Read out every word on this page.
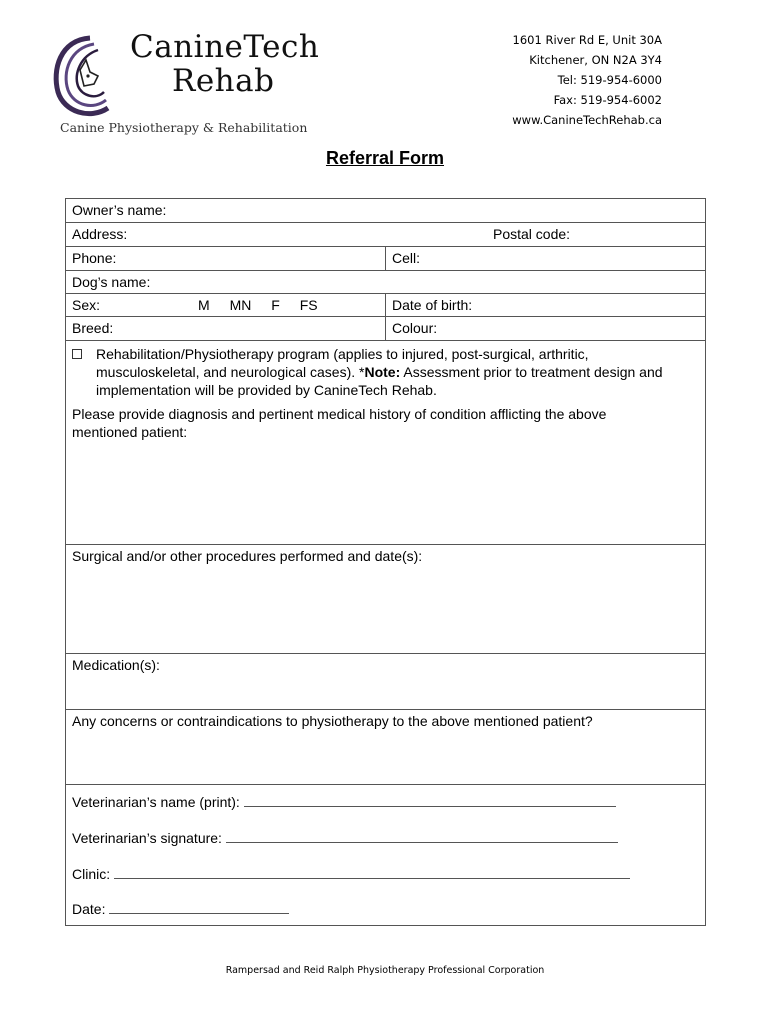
CanineTech
Rehab
Canine Physiotherapy & Rehabilitation
1601 River Rd E, Unit 30A
Kitchener, ON N2A 3Y4
Tel: 519-954-6000
Fax: 519-954-6002
www.CanineTechRehab.ca
Referral Form
Owner’s name:
Address:	Postal code:
Phone:	Cell:
Dog’s name:
Sex:	M MN F FS	Date of birth:
Breed:	Colour:
Rehabilitation/Physiotherapy program (applies to injured, post-surgical, arthritic, musculoskeletal, and neurological cases). *Note: Assessment prior to treatment design and implementation will be provided by CanineTech Rehab.
Please provide diagnosis and pertinent medical history of condition afflicting the above mentioned patient:
Surgical and/or other procedures performed and date(s):
Medication(s):
Any concerns or contraindications to physiotherapy to the above mentioned patient?
Veterinarian’s name (print):
Veterinarian’s signature:
Clinic:
Date:
Rampersad and Reid Ralph Physiotherapy Professional Corporation
